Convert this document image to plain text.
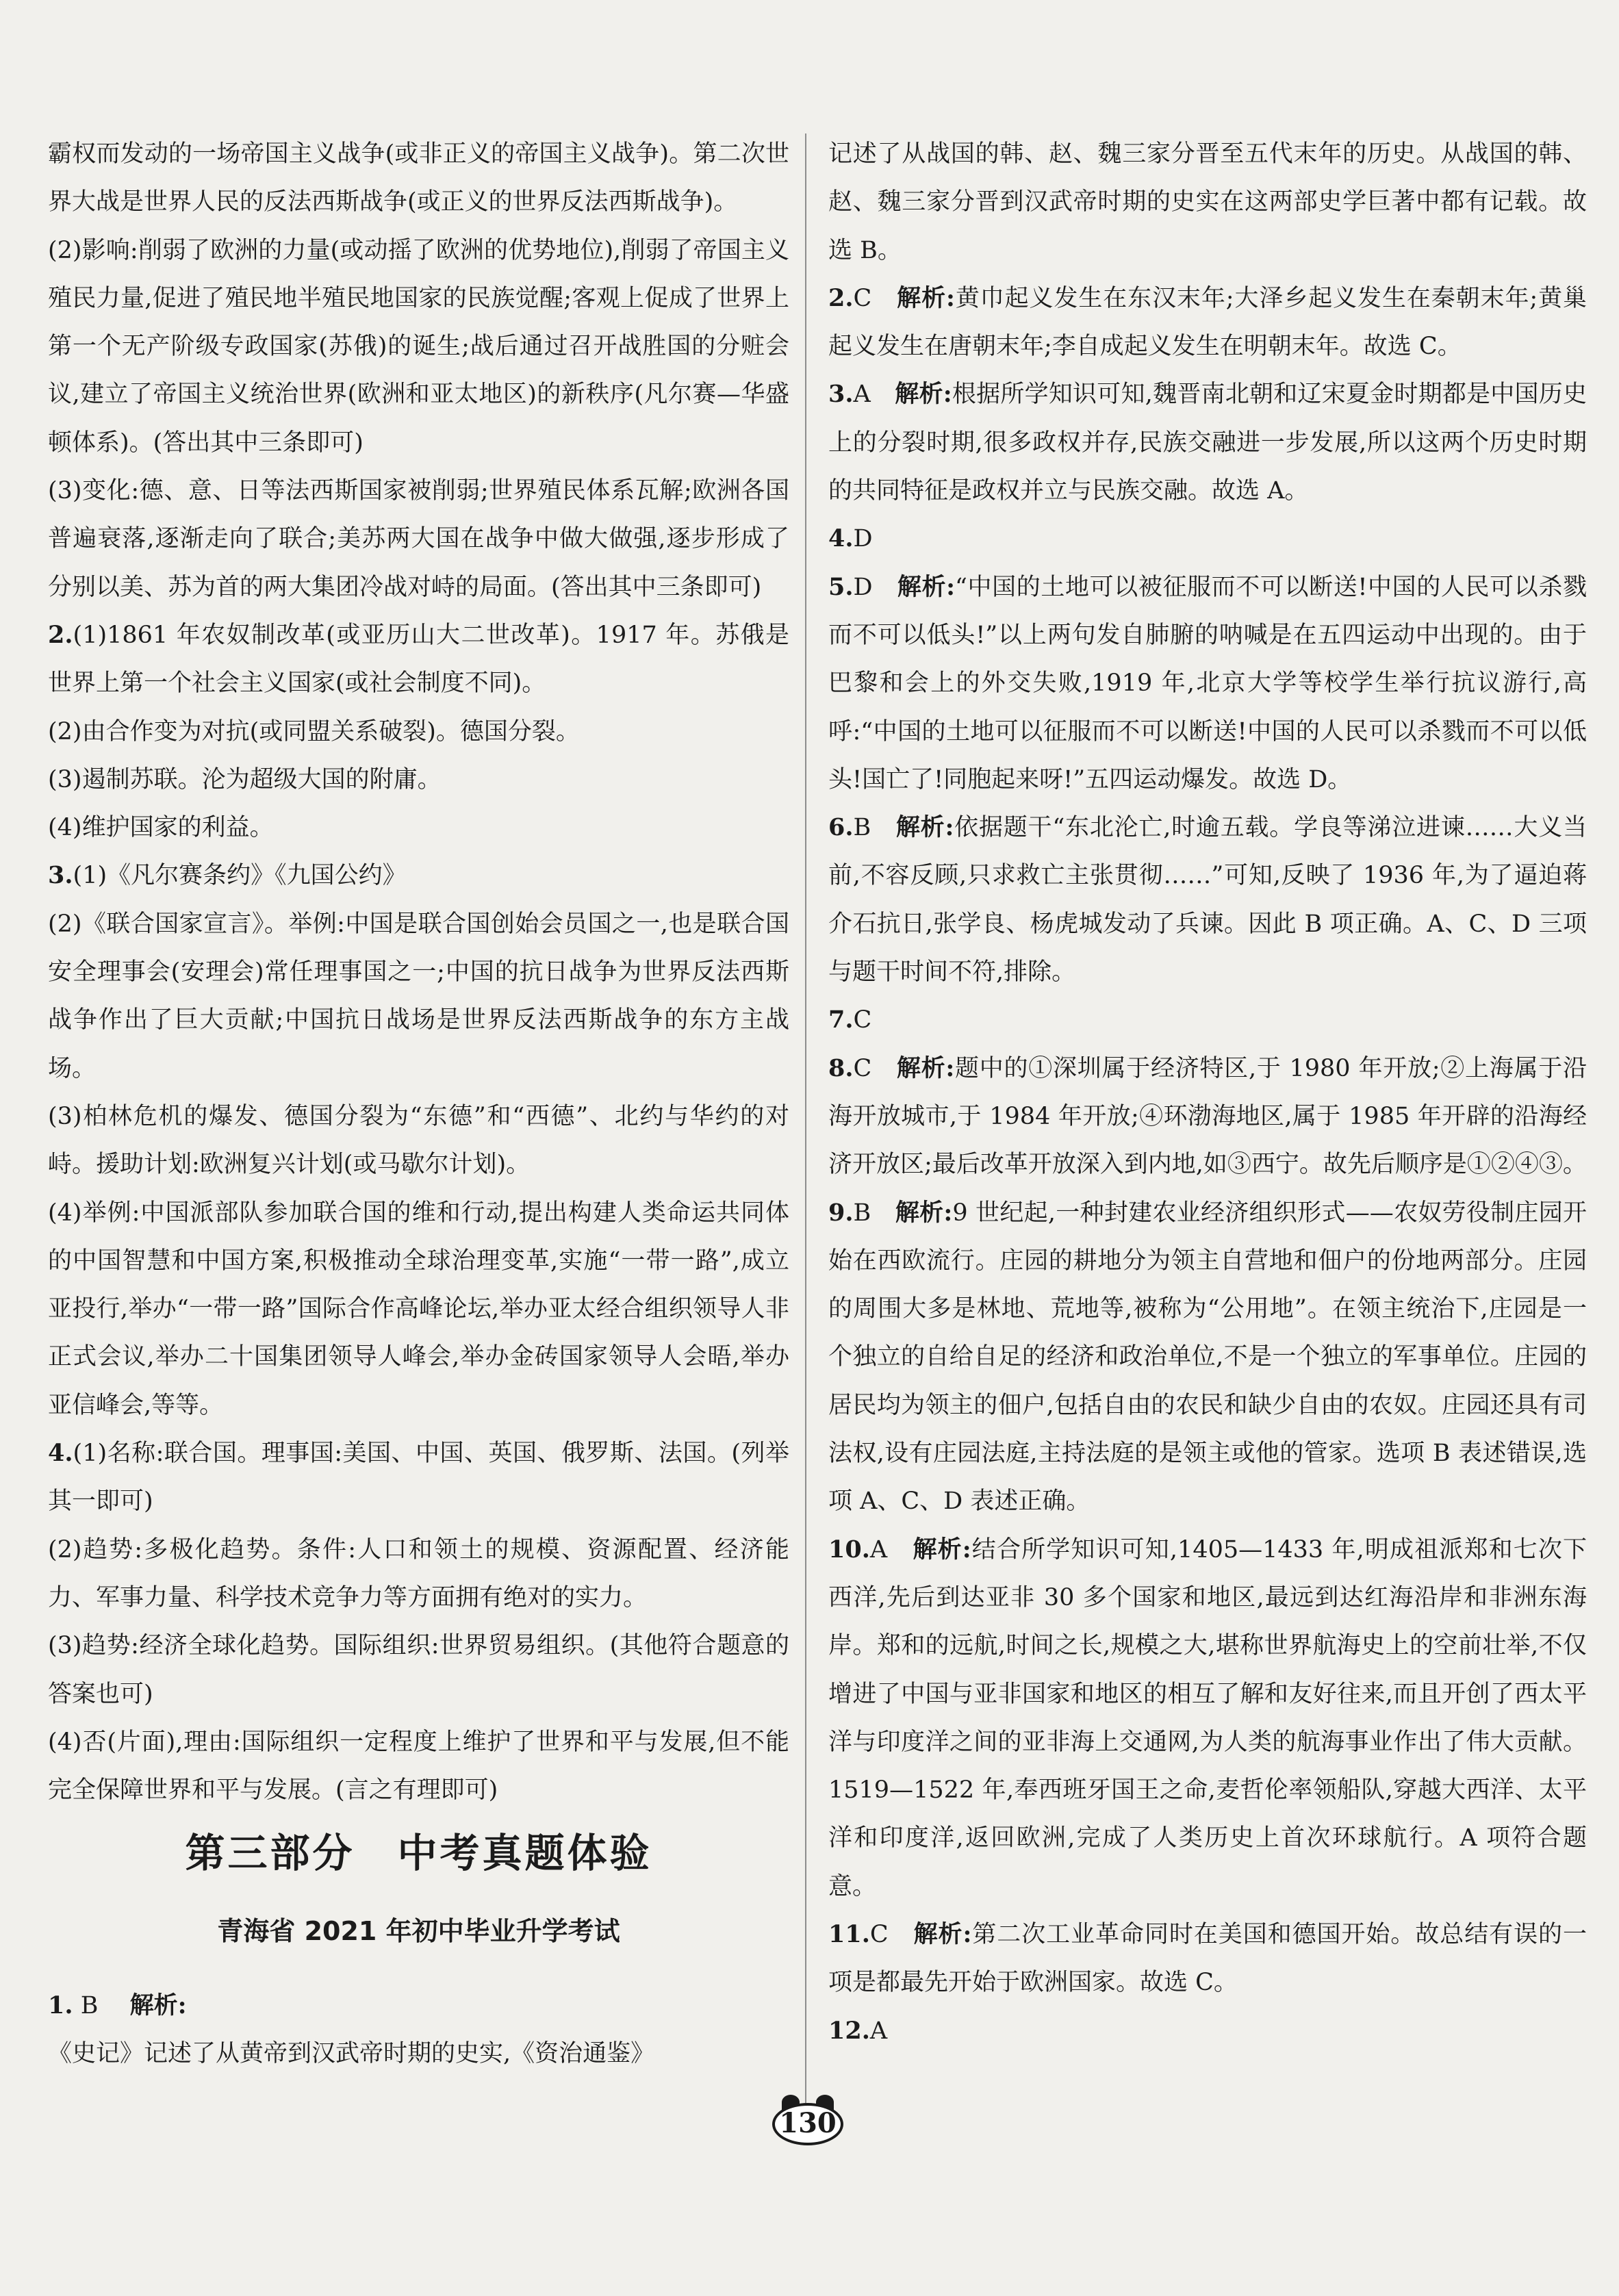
霸权而发动的一场帝国主义战争(或非正义的帝国主义战争)。第二次世界大战是世界人民的反法西斯战争(或正义的世界反法西斯战争)。

(2)影响:削弱了欧洲的力量(或动摇了欧洲的优势地位),削弱了帝国主义殖民力量,促进了殖民地半殖民地国家的民族觉醒;客观上促成了世界上第一个无产阶级专政国家(苏俄)的诞生;战后通过召开战胜国的分赃会议,建立了帝国主义统治世界(欧洲和亚太地区)的新秩序(凡尔赛—华盛顿体系)。(答出其中三条即可)

(3)变化:德、意、日等法西斯国家被削弱;世界殖民体系瓦解;欧洲各国普遍衰落,逐渐走向了联合;美苏两大国在战争中做大做强,逐步形成了分别以美、苏为首的两大集团冷战对峙的局面。(答出其中三条即可)

2.(1)1861 年农奴制改革(或亚历山大二世改革)。1917 年。苏俄是世界上第一个社会主义国家(或社会制度不同)。

(2)由合作变为对抗(或同盟关系破裂)。德国分裂。

(3)遏制苏联。沦为超级大国的附庸。

(4)维护国家的利益。

3.(1)《凡尔赛条约》《九国公约》

(2)《联合国家宣言》。举例:中国是联合国创始会员国之一,也是联合国安全理事会(安理会)常任理事国之一;中国的抗日战争为世界反法西斯战争作出了巨大贡献;中国抗日战场是世界反法西斯战争的东方主战场。

(3)柏林危机的爆发、德国分裂为“东德”和“西德”、北约与华约的对峙。援助计划:欧洲复兴计划(或马歇尔计划)。

(4)举例:中国派部队参加联合国的维和行动,提出构建人类命运共同体的中国智慧和中国方案,积极推动全球治理变革,实施“一带一路”,成立亚投行,举办“一带一路”国际合作高峰论坛,举办亚太经合组织领导人非正式会议,举办二十国集团领导人峰会,举办金砖国家领导人会晤,举办亚信峰会,等等。

4.(1)名称:联合国。理事国:美国、中国、英国、俄罗斯、法国。(列举其一即可)

(2)趋势:多极化趋势。条件:人口和领土的规模、资源配置、经济能力、军事力量、科学技术竞争力等方面拥有绝对的实力。

(3)趋势:经济全球化趋势。国际组织:世界贸易组织。(其他符合题意的答案也可)

(4)否(片面),理由:国际组织一定程度上维护了世界和平与发展,但不能完全保障世界和平与发展。(言之有理即可)

第三部分　中考真题体验
青海省 2021 年初中毕业升学考试
1. B　 解析:《史记》记述了从黄帝到汉武帝时期的史实,《资治通鉴》
记述了从战国的韩、赵、魏三家分晋至五代末年的历史。从战国的韩、赵、魏三家分晋到汉武帝时期的史实在这两部史学巨著中都有记载。故选 B。

2.C　 解析:黄巾起义发生在东汉末年;大泽乡起义发生在秦朝末年;黄巢起义发生在唐朝末年;李自成起义发生在明朝末年。故选 C。

3.A　 解析:根据所学知识可知,魏晋南北朝和辽宋夏金时期都是中国历史上的分裂时期,很多政权并存,民族交融进一步发展,所以这两个历史时期的共同特征是政权并立与民族交融。故选 A。

4.D

5.D　 解析:“中国的土地可以被征服而不可以断送!中国的人民可以杀戮而不可以低头!”以上两句发自肺腑的呐喊是在五四运动中出现的。由于巴黎和会上的外交失败,1919 年,北京大学等校学生举行抗议游行,高呼:“中国的土地可以征服而不可以断送!中国的人民可以杀戮而不可以低头!国亡了!同胞起来呀!”五四运动爆发。故选 D。

6.B　 解析:依据题干“东北沦亡,时逾五载。学良等涕泣进谏……大义当前,不容反顾,只求救亡主张贯彻……”可知,反映了 1936 年,为了逼迫蒋介石抗日,张学良、杨虎城发动了兵谏。因此 B 项正确。A、C、D 三项与题干时间不符,排除。

7.C

8.C　 解析:题中的①深圳属于经济特区,于 1980 年开放;②上海属于沿海开放城市,于 1984 年开放;④环渤海地区,属于 1985 年开辟的沿海经济开放区;最后改革开放深入到内地,如③西宁。故先后顺序是①②④③。

9.B　 解析:9 世纪起,一种封建农业经济组织形式——农奴劳役制庄园开始在西欧流行。庄园的耕地分为领主自营地和佃户的份地两部分。庄园的周围大多是林地、荒地等,被称为“公用地”。在领主统治下,庄园是一个独立的自给自足的经济和政治单位,不是一个独立的军事单位。庄园的居民均为领主的佃户,包括自由的农民和缺少自由的农奴。庄园还具有司法权,设有庄园法庭,主持法庭的是领主或他的管家。选项 B 表述错误,选项 A、C、D 表述正确。

10.A　 解析:结合所学知识可知,1405—1433 年,明成祖派郑和七次下西洋,先后到达亚非 30 多个国家和地区,最远到达红海沿岸和非洲东海岸。郑和的远航,时间之长,规模之大,堪称世界航海史上的空前壮举,不仅增进了中国与亚非国家和地区的相互了解和友好往来,而且开创了西太平洋与印度洋之间的亚非海上交通网,为人类的航海事业作出了伟大贡献。1519—1522 年,奉西班牙国王之命,麦哲伦率领船队,穿越大西洋、太平洋和印度洋,返回欧洲,完成了人类历史上首次环球航行。A 项符合题意。

11.C　 解析:第二次工业革命同时在美国和德国开始。故总结有误的一项是都最先开始于欧洲国家。故选 C。

12.A

130
